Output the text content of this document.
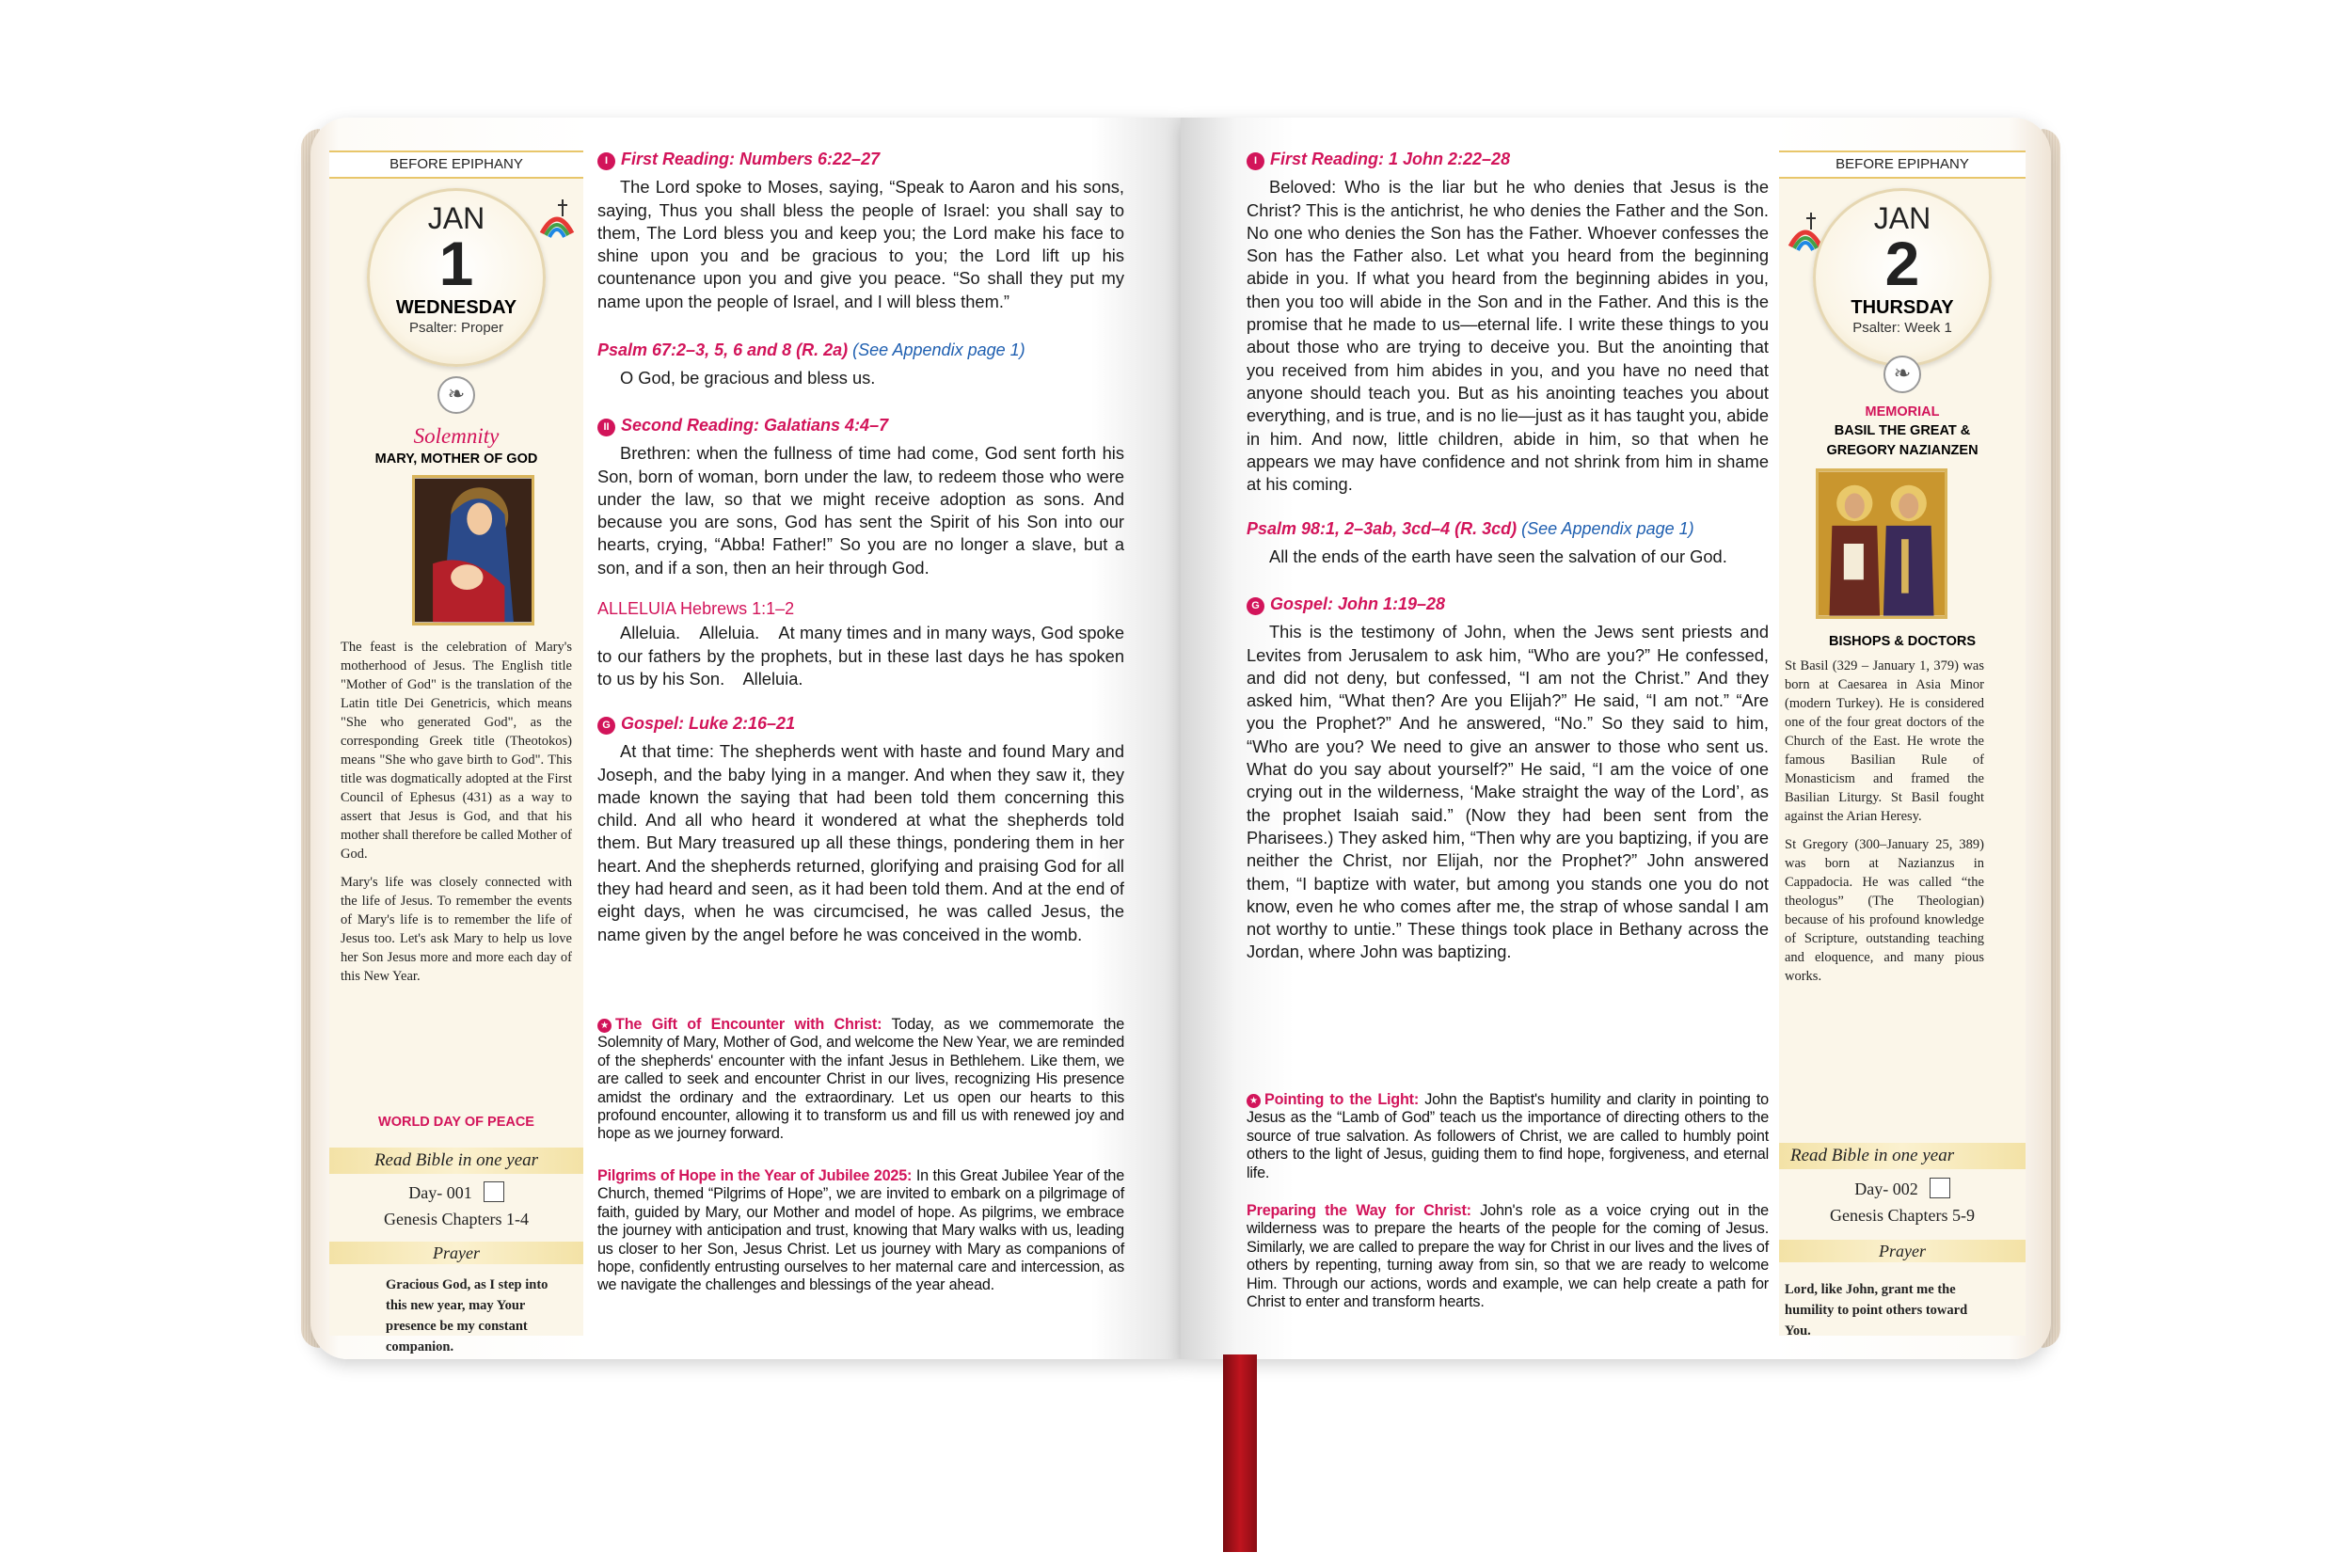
BEFORE EPIPHANY
JAN
1
WEDNESDAY
Psalter: Proper
❧
Solemnity
MARY, MOTHER OF GOD

The feast is the celebration of Mary's motherhood of Jesus. The English title "Mother of God" is the translation of the Latin title Dei Genetricis, which means "She who generated God", as the corresponding Greek title (Theotokos) means "She who gave birth to God". This title was dogmatically adopted at the First Council of Ephesus (431) as a way to assert that Jesus is God, and that his mother shall therefore be called Mother of God.

Mary's life was closely connected with the life of Jesus. To remember the events of Mary's life is to remember the life of Jesus too. Let's ask Mary to help us love her Son Jesus more and more each day of this New Year.

WORLD DAY OF PEACE
Read Bible in one year
Day- 001
Genesis Chapters 1-4
Prayer
Gracious God, as I step into this new year, may Your presence be my constant companion.
I First Reading: Numbers 6:22–27

The Lord spoke to Moses, saying, “Speak to Aaron and his sons, saying, Thus you shall bless the people of Israel: you shall say to them, The Lord bless you and keep you; the Lord make his face to shine upon you and be gracious to you; the Lord lift up his countenance upon you and give you peace. “So shall they put my name upon the people of Israel, and I will bless them.”

Psalm 67:2–3, 5, 6 and 8 (R. 2a) (See Appendix page 1)

O God, be gracious and bless us.

II Second Reading: Galatians 4:4–7

Brethren: when the fullness of time had come, God sent forth his Son, born of woman, born under the law, to redeem those who were under the law, so that we might receive adoption as sons. And because you are sons, God has sent the Spirit of his Son into our hearts, crying, “Abba! Father!” So you are no longer a slave, but a son, and if a son, then an heir through God.

ALLELUIA Hebrews 1:1–2

Alleluia.    Alleluia.    At many times and in many ways, God spoke to our fathers by the prophets, but in these last days he has spoken to us by his Son.    Alleluia.

G Gospel: Luke 2:16–21

At that time: The shepherds went with haste and found Mary and Joseph, and the baby lying in a manger. And when they saw it, they made known the saying that had been told them concerning this child. And all who heard it wondered at what the shepherds told them. But Mary treasured up all these things, pondering them in her heart. And the shepherds returned, glorifying and praising God for all they had heard and seen, as it had been told them. And at the end of eight days, when he was circumcised, he was called Jesus, the name given by the angel before he was conceived in the womb.

★ The Gift of Encounter with Christ: Today, as we commemorate the Solemnity of Mary, Mother of God, and welcome the New Year, we are reminded of the shepherds' encounter with the infant Jesus in Bethlehem. Like them, we are called to seek and encounter Christ in our lives, recognizing His presence amidst the ordinary and the extraordinary. Let us open our hearts to this profound encounter, allowing it to transform us and fill us with renewed joy and hope as we journey forward.
Pilgrims of Hope in the Year of Jubilee 2025: In this Great Jubilee Year of the Church, themed “Pilgrims of Hope”, we are invited to embark on a pilgrimage of faith, guided by Mary, our Mother and model of hope. As pilgrims, we embrace the journey with anticipation and trust, knowing that Mary walks with us, leading us closer to her Son, Jesus Christ. Let us journey with Mary as companions of hope, confidently entrusting ourselves to her maternal care and intercession, as we navigate the challenges and blessings of the year ahead.
I First Reading: 1 John 2:22–28

Beloved: Who is the liar but he who denies that Jesus is the Christ? This is the antichrist, he who denies the Father and the Son. No one who denies the Son has the Father. Whoever confesses the Son has the Father also. Let what you heard from the beginning abide in you. If what you heard from the beginning abides in you, then you too will abide in the Son and in the Father. And this is the promise that he made to us—eternal life. I write these things to you about those who are trying to deceive you. But the anointing that you received from him abides in you, and you have no need that anyone should teach you. But as his anointing teaches you about everything, and is true, and is no lie—just as it has taught you, abide in him. And now, little children, abide in him, so that when he appears we may have confidence and not shrink from him in shame at his coming.

Psalm 98:1, 2–3ab, 3cd–4 (R. 3cd) (See Appendix page 1)

All the ends of the earth have seen the salvation of our God.

G Gospel: John 1:19–28

This is the testimony of John, when the Jews sent priests and Levites from Jerusalem to ask him, “Who are you?” He confessed, and did not deny, but confessed, “I am not the Christ.” And they asked him, “What then? Are you Elijah?” He said, “I am not.” “Are you the Prophet?” And he answered, “No.” So they said to him, “Who are you? We need to give an answer to those who sent us. What do you say about yourself?” He said, “I am the voice of one crying out in the wilderness, ‘Make straight the way of the Lord’, as the prophet Isaiah said.” (Now they had been sent from the Pharisees.) They asked him, “Then why are you baptizing, if you are neither the Christ, nor Elijah, nor the Prophet?” John answered them, “I baptize with water, but among you stands one you do not know, even he who comes after me, the strap of whose sandal I am not worthy to untie.” These things took place in Bethany across the Jordan, where John was baptizing.

★ Pointing to the Light: John the Baptist's humility and clarity in pointing to Jesus as the “Lamb of God” teach us the importance of directing others to the source of true salvation. As followers of Christ, we are called to humbly point others to the light of Jesus, guiding them to find hope, forgiveness, and eternal life.
Preparing the Way for Christ: John's role as a voice crying out in the wilderness was to prepare the hearts of the people for the coming of Jesus. Similarly, we are called to prepare the way for Christ in our lives and the lives of others by repenting, turning away from sin, so that we are ready to welcome Him. Through our actions, words and example, we can help create a path for Christ to enter and transform hearts.
BEFORE EPIPHANY
JAN
2
THURSDAY
Psalter: Week 1
❧
MEMORIAL
BASIL THE GREAT & GREGORY NAZIANZEN
BISHOPS & DOCTORS

St Basil (329 – January 1, 379) was born at Caesarea in Asia Minor (modern Turkey). He is considered one of the four great doctors of the Church of the East. He wrote the famous Basilian Rule of Monasticism and framed the Basilian Liturgy. St Basil fought against the Arian Heresy.

St Gregory (300–January 25, 389) was born at Nazianzus in Cappadocia. He was called “the theologus” (The Theologian) because of his profound knowledge of Scripture, outstanding teaching and eloquence, and many pious works.

Read Bible in one year
Day- 002
Genesis Chapters 5-9
Prayer
Lord, like John, grant me the humility to point others toward You.
